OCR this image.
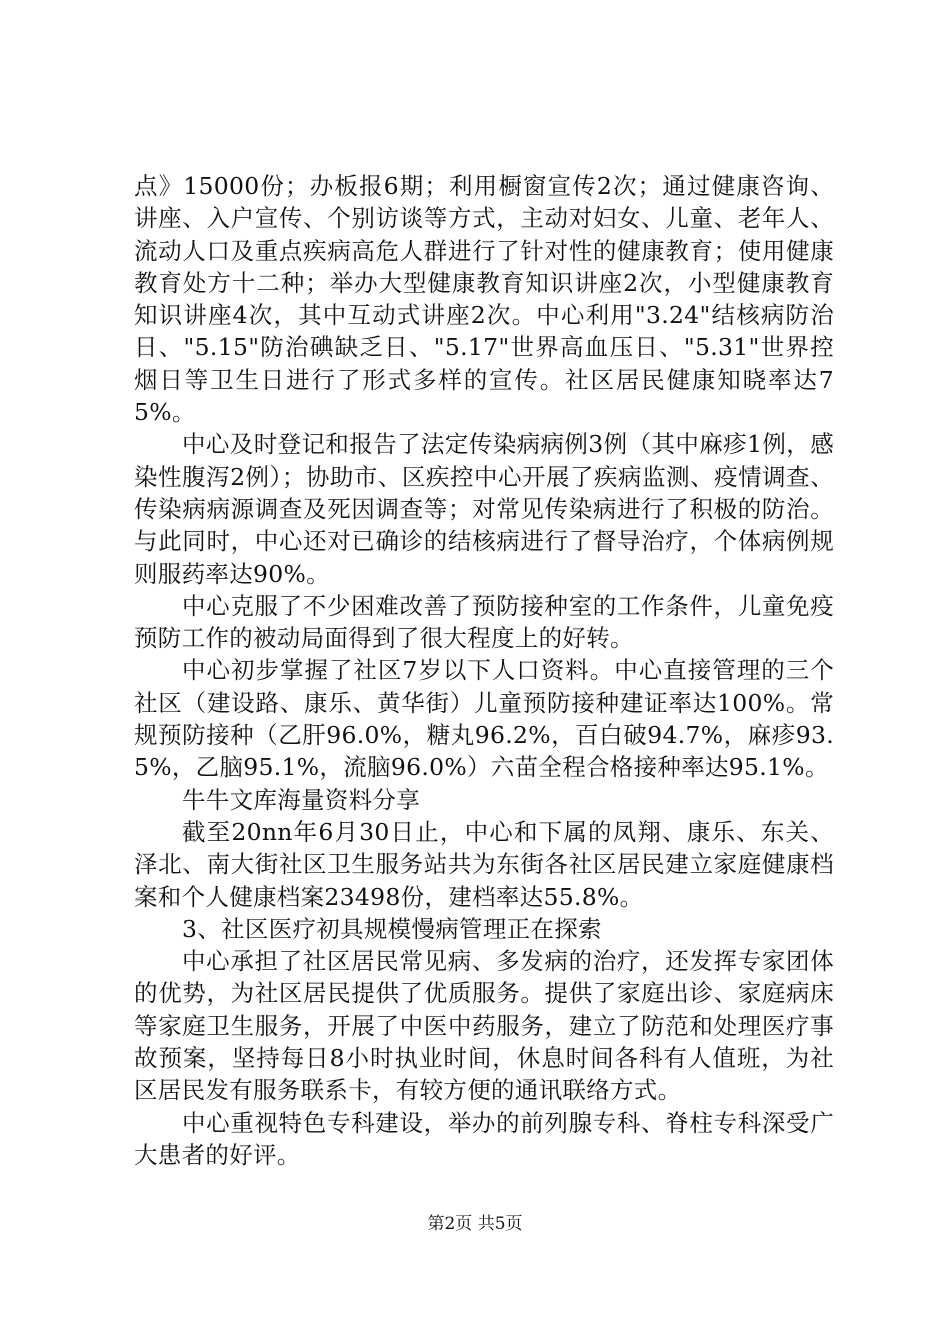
点》15000份；办板报6期；利用橱窗宣传2次；通过健康咨询、讲座、入户宣传、个别访谈等方式，主动对妇女、儿童、老年人、流动人口及重点疾病高危人群进行了针对性的健康教育；使用健康教育处方十二种；举办大型健康教育知识讲座2次，小型健康教育知识讲座4次，其中互动式讲座2次。中心利用"3.24"结核病防治日、"5.15"防治碘缺乏日、"5.17"世界高血压日、"5.31"世界控烟日等卫生日进行了形式多样的宣传。社区居民健康知晓率达75%。

中心及时登记和报告了法定传染病病例3例（其中麻疹1例，感染性腹泻2例）；协助市、区疾控中心开展了疾病监测、疫情调查、传染病病源调查及死因调查等；对常见传染病进行了积极的防治。与此同时，中心还对已确诊的结核病进行了督导治疗，个体病例规则服药率达90%。

中心克服了不少困难改善了预防接种室的工作条件，儿童免疫预防工作的被动局面得到了很大程度上的好转。

中心初步掌握了社区7岁以下人口资料。中心直接管理的三个社区（建设路、康乐、黄华街）儿童预防接种建证率达100%。常规预防接种（乙肝96.0%，糖丸96.2%，百白破94.7%，麻疹93.5%，乙脑95.1%，流脑96.0%）六苗全程合格接种率达95.1%。

牛牛文库海量资料分享

截至20nn年6月30日止，中心和下属的凤翔、康乐、东关、泽北、南大街社区卫生服务站共为东街各社区居民建立家庭健康档案和个人健康档案23498份，建档率达55.8%。

3、社区医疗初具规模慢病管理正在探索

中心承担了社区居民常见病、多发病的治疗，还发挥专家团体的优势，为社区居民提供了优质服务。提供了家庭出诊、家庭病床等家庭卫生服务，开展了中医中药服务，建立了防范和处理医疗事故预案，坚持每日8小时执业时间，休息时间各科有人值班，为社区居民发有服务联系卡，有较方便的通讯联络方式。

中心重视特色专科建设，举办的前列腺专科、脊柱专科深受广大患者的好评。

第2页 共5页
